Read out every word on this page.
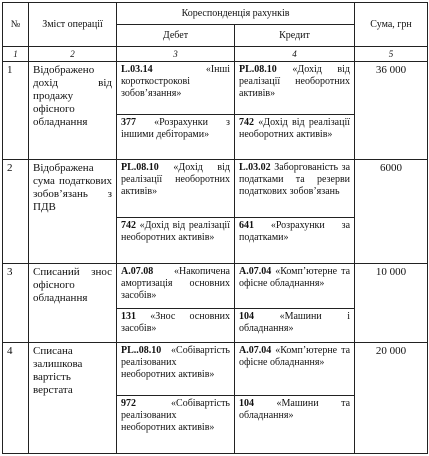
№	Зміст операції	Кореспонденція рахунків		Сума, грн
		Дебет	Кредит	
1	2	3	4	5
1	Відображено дохід від продажу офісного обладнання	L.03.14 «Інші короткострокові зобов’язання»	PL.08.10 «Дохід від реалізації необоротних активів»	36 000
		377 «Розрахунки з іншими дебіторами»	742 «Дохід від реалізації необоротних активів»	
2	Відображена сума податкових зобов’язань з ПДВ	PL.08.10 «Дохід від реалізації необоротних активів»	L.03.02 Заборгованість за податками та резерви податкових зобов’язань	6000
		742 «Дохід від реалізації необоротних активів»	641 «Розрахунки за податками»	
3	Списаний знос офісного обладнання	A.07.08 «Накопичена амортизація основних засобів»	A.07.04 «Комп’ютерне та офісне обладнання»	10 000
		131 «Знос основних засобів»	104 «Машини і обладнання»	
4	Списана залишкова вартість верстата	PL..08.10 «Собівартість реалізованих необоротних активів»	A.07.04 «Комп’ютерне та офісне обладнання»	20 000
		972 «Собівартість реалізованих необоротних активів»	104 «Машини та обладнання»	
